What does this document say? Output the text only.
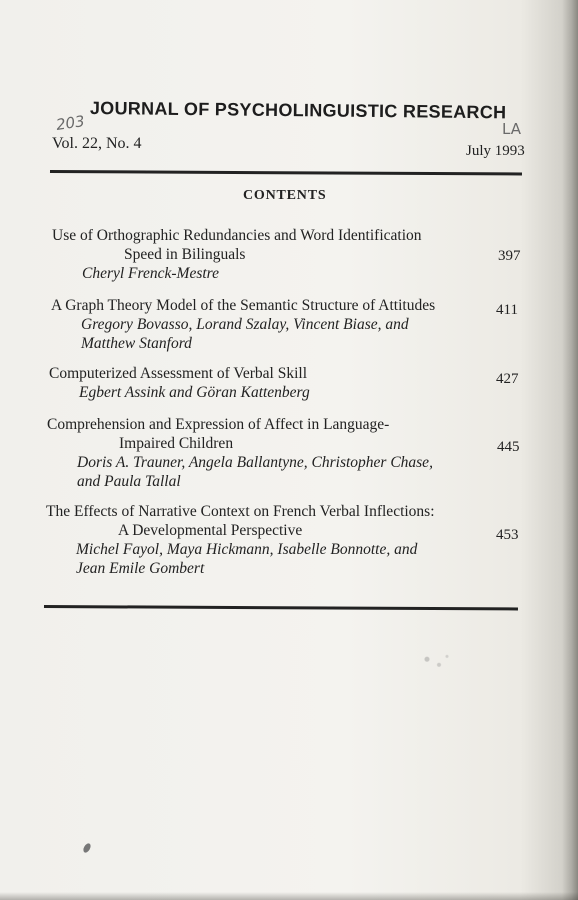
JOURNAL OF PSYCHOLINGUISTIC RESEARCH
203	LA
Vol. 22, No. 4	July 1993
CONTENTS
Use of Orthographic Redundancies and Word Identification
Speed in Bilinguals
Cheryl Frenck-Mestre
397
A Graph Theory Model of the Semantic Structure of Attitudes
Gregory Bovasso, Lorand Szalay, Vincent Biase, and
Matthew Stanford
411
Computerized Assessment of Verbal Skill
Egbert Assink and Göran Kattenberg
427
Comprehension and Expression of Affect in Language-
Impaired Children
Doris A. Trauner, Angela Ballantyne, Christopher Chase,
and Paula Tallal
445
The Effects of Narrative Context on French Verbal Inflections:
A Developmental Perspective
Michel Fayol, Maya Hickmann, Isabelle Bonnotte, and
Jean Emile Gombert
453
